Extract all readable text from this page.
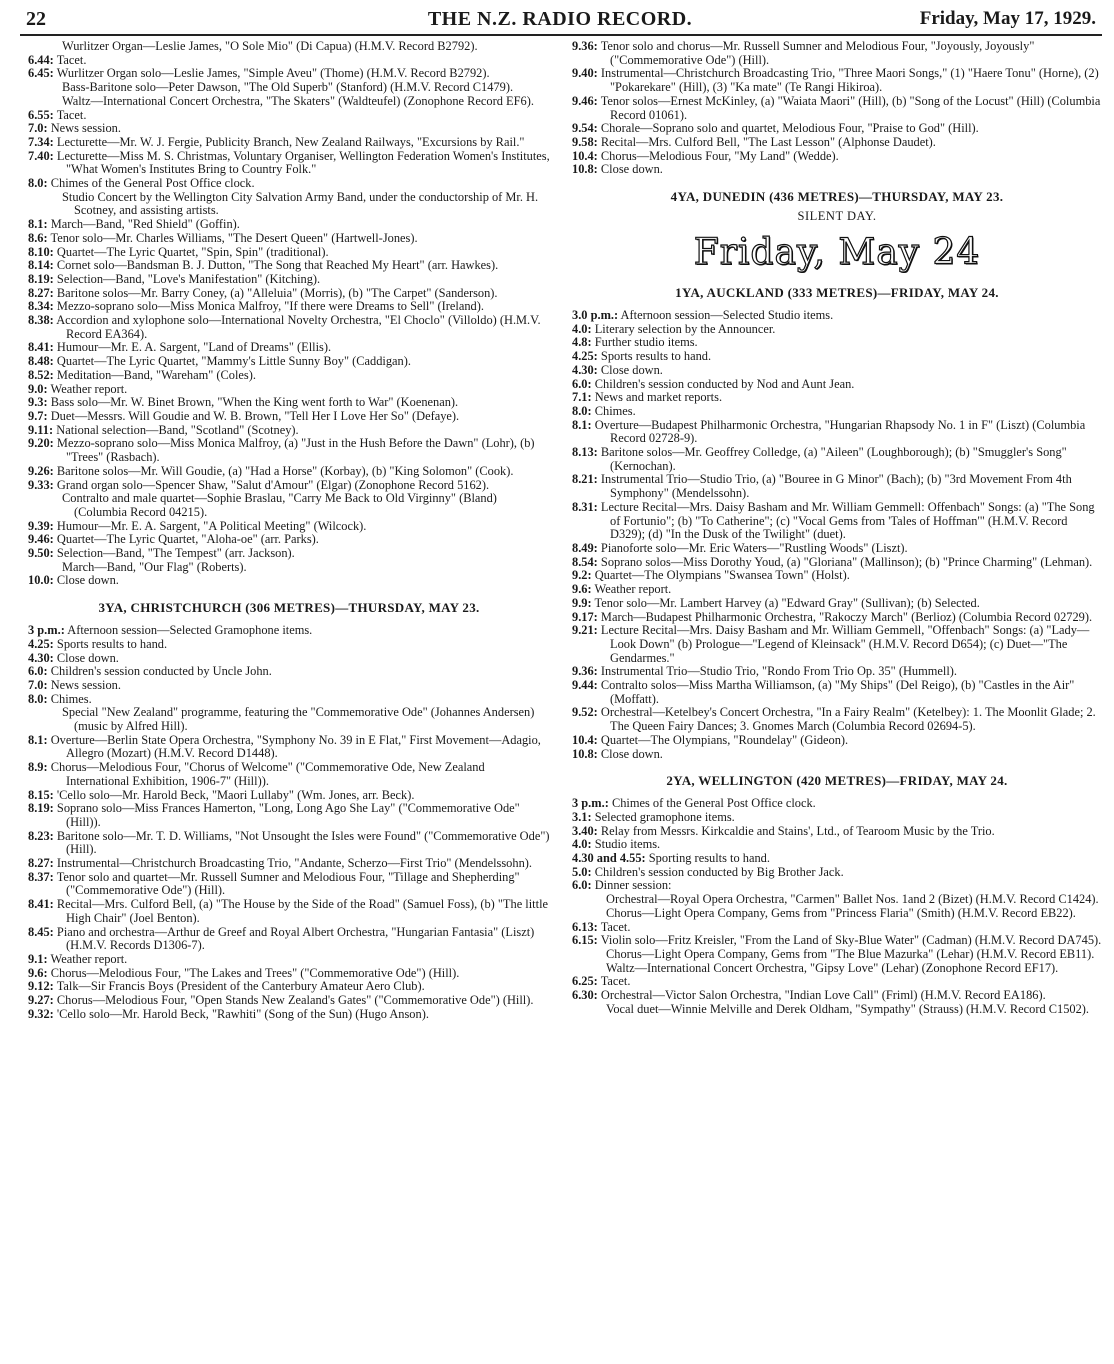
22	THE N.Z. RADIO RECORD.	Friday, May 17, 1929.

Wurlitzer Organ—Leslie James, "O Sole Mio" (Di Capua) (H.M.V. Record B2792).

6.44: Tacet.

6.45: Wurlitzer Organ solo—Leslie James, "Simple Aveu" (Thome) (H.M.V. Record B2792).

Bass-Baritone solo—Peter Dawson, "The Old Superb" (Stanford) (H.M.V. Record C1479).

Waltz—International Concert Orchestra, "The Skaters" (Waldteufel) (Zonophone Record EF6).

6.55: Tacet.

7.0: News session.

7.34: Lecturette—Mr. W. J. Fergie, Publicity Branch, New Zealand Railways, "Excursions by Rail."

7.40: Lecturette—Miss M. S. Christmas, Voluntary Organiser, Wellington Federation Women's Institutes, "What Women's Institutes Bring to Country Folk."

8.0: Chimes of the General Post Office clock.

Studio Concert by the Wellington City Salvation Army Band, under the conductorship of Mr. H. Scotney, and assisting artists.

8.1: March—Band, "Red Shield" (Goffin).

8.6: Tenor solo—Mr. Charles Williams, "The Desert Queen" (Hartwell-Jones).

8.10: Quartet—The Lyric Quartet, "Spin, Spin" (traditional).

8.14: Cornet solo—Bandsman B. J. Dutton, "The Song that Reached My Heart" (arr. Hawkes).

8.19: Selection—Band, "Love's Manifestation" (Kitching).

8.27: Baritone solos—Mr. Barry Coney, (a) "Alleluia" (Morris), (b) "The Carpet" (Sanderson).

8.34: Mezzo-soprano solo—Miss Monica Malfroy, "If there were Dreams to Sell" (Ireland).

8.38: Accordion and xylophone solo—International Novelty Orchestra, "El Choclo" (Villoldo) (H.M.V. Record EA364).

8.41: Humour—Mr. E. A. Sargent, "Land of Dreams" (Ellis).

8.48: Quartet—The Lyric Quartet, "Mammy's Little Sunny Boy" (Caddigan).

8.52: Meditation—Band, "Wareham" (Coles).

9.0: Weather report.

9.3: Bass solo—Mr. W. Binet Brown, "When the King went forth to War" (Koenenan).

9.7: Duet—Messrs. Will Goudie and W. B. Brown, "Tell Her I Love Her So" (Defaye).

9.11: National selection—Band, "Scotland" (Scotney).

9.20: Mezzo-soprano solo—Miss Monica Malfroy, (a) "Just in the Hush Before the Dawn" (Lohr), (b) "Trees" (Rasbach).

9.26: Baritone solos—Mr. Will Goudie, (a) "Had a Horse" (Korbay), (b) "King Solomon" (Cook).

9.33: Grand organ solo—Spencer Shaw, "Salut d'Amour" (Elgar) (Zonophone Record 5162).

Contralto and male quartet—Sophie Braslau, "Carry Me Back to Old Virginny" (Bland) (Columbia Record 04215).

9.39: Humour—Mr. E. A. Sargent, "A Political Meeting" (Wilcock).

9.46: Quartet—The Lyric Quartet, "Aloha-oe" (arr. Parks).

9.50: Selection—Band, "The Tempest" (arr. Jackson).

March—Band, "Our Flag" (Roberts).

10.0: Close down.

3YA, CHRISTCHURCH (306 METRES)—THURSDAY, MAY 23.

3 p.m.: Afternoon session—Selected Gramophone items.

4.25: Sports results to hand.

4.30: Close down.

6.0: Children's session conducted by Uncle John.

7.0: News session.

8.0: Chimes.

Special "New Zealand" programme, featuring the "Commemorative Ode" (Johannes Andersen) (music by Alfred Hill).

8.1: Overture—Berlin State Opera Orchestra, "Symphony No. 39 in E Flat," First Movement—Adagio, Allegro (Mozart) (H.M.V. Record D1448).

8.9: Chorus—Melodious Four, "Chorus of Welcome" ("Commemorative Ode, New Zealand International Exhibition, 1906-7" (Hill)).

8.15: 'Cello solo—Mr. Harold Beck, "Maori Lullaby" (Wm. Jones, arr. Beck).

8.19: Soprano solo—Miss Frances Hamerton, "Long, Long Ago She Lay" ("Commemorative Ode" (Hill)).

8.23: Baritone solo—Mr. T. D. Williams, "Not Unsought the Isles were Found" ("Commemorative Ode") (Hill).

8.27: Instrumental—Christchurch Broadcasting Trio, "Andante, Scherzo—First Trio" (Mendelssohn).

8.37: Tenor solo and quartet—Mr. Russell Sumner and Melodious Four, "Tillage and Shepherding" ("Commemorative Ode") (Hill).

8.41: Recital—Mrs. Culford Bell, (a) "The House by the Side of the Road" (Samuel Foss), (b) "The little High Chair" (Joel Benton).

8.45: Piano and orchestra—Arthur de Greef and Royal Albert Orchestra, "Hungarian Fantasia" (Liszt) (H.M.V. Records D1306-7).

9.1: Weather report.

9.6: Chorus—Melodious Four, "The Lakes and Trees" ("Commemorative Ode") (Hill).

9.12: Talk—Sir Francis Boys (President of the Canterbury Amateur Aero Club).

9.27: Chorus—Melodious Four, "Open Stands New Zealand's Gates" ("Commemorative Ode") (Hill).

9.32: 'Cello solo—Mr. Harold Beck, "Rawhiti" (Song of the Sun) (Hugo Anson).

9.36: Tenor solo and chorus—Mr. Russell Sumner and Melodious Four, "Joyously, Joyously" ("Commemorative Ode") (Hill).

9.40: Instrumental—Christchurch Broadcasting Trio, "Three Maori Songs," (1) "Haere Tonu" (Horne), (2) "Pokarekare" (Hill), (3) "Ka mate" (Te Rangi Hikiroa).

9.46: Tenor solos—Ernest McKinley, (a) "Waiata Maori" (Hill), (b) "Song of the Locust" (Hill) (Columbia Record 01061).

9.54: Chorale—Soprano solo and quartet, Melodious Four, "Praise to God" (Hill).

9.58: Recital—Mrs. Culford Bell, "The Last Lesson" (Alphonse Daudet).

10.4: Chorus—Melodious Four, "My Land" (Wedde).

10.8: Close down.

4YA, DUNEDIN (436 METRES)—THURSDAY, MAY 23.
SILENT DAY.
Friday, May 24
1YA, AUCKLAND (333 METRES)—FRIDAY, MAY 24.

3.0 p.m.: Afternoon session—Selected Studio items.

4.0: Literary selection by the Announcer.

4.8: Further studio items.

4.25: Sports results to hand.

4.30: Close down.

6.0: Children's session conducted by Nod and Aunt Jean.

7.1: News and market reports.

8.0: Chimes.

8.1: Overture—Budapest Philharmonic Orchestra, "Hungarian Rhapsody No. 1 in F" (Liszt) (Columbia Record 02728-9).

8.13: Baritone solos—Mr. Geoffrey Colledge, (a) "Aileen" (Loughborough); (b) "Smuggler's Song" (Kernochan).

8.21: Instrumental Trio—Studio Trio, (a) "Bouree in G Minor" (Bach); (b) "3rd Movement From 4th Symphony" (Mendelssohn).

8.31: Lecture Recital—Mrs. Daisy Basham and Mr. William Gemmell: Offenbach" Songs: (a) "The Song of Fortunio"; (b) "To Catherine"; (c) "Vocal Gems from 'Tales of Hoffman'" (H.M.V. Record D329); (d) "In the Dusk of the Twilight" (duet).

8.49: Pianoforte solo—Mr. Eric Waters—"Rustling Woods" (Liszt).

8.54: Soprano solos—Miss Dorothy Youd, (a) "Gloriana" (Mallinson); (b) "Prince Charming" (Lehman).

9.2: Quartet—The Olympians "Swansea Town" (Holst).

9.6: Weather report.

9.9: Tenor solo—Mr. Lambert Harvey (a) "Edward Gray" (Sullivan); (b) Selected.

9.17: March—Budapest Philharmonic Orchestra, "Rakoczy March" (Berlioz) (Columbia Record 02729).

9.21: Lecture Recital—Mrs. Daisy Basham and Mr. William Gemmell, "Offenbach" Songs: (a) "Lady—Look Down" (b) Prologue—"Legend of Kleinsack" (H.M.V. Record D654); (c) Duet—"The Gendarmes."

9.36: Instrumental Trio—Studio Trio, "Rondo From Trio Op. 35" (Hummell).

9.44: Contralto solos—Miss Martha Williamson, (a) "My Ships" (Del Reigo), (b) "Castles in the Air" (Moffatt).

9.52: Orchestral—Ketelbey's Concert Orchestra, "In a Fairy Realm" (Ketelbey): 1. The Moonlit Glade; 2. The Queen Fairy Dances; 3. Gnomes March (Columbia Record 02694-5).

10.4: Quartet—The Olympians, "Roundelay" (Gideon).

10.8: Close down.

2YA, WELLINGTON (420 METRES)—FRIDAY, MAY 24.

3 p.m.: Chimes of the General Post Office clock.

3.1: Selected gramophone items.

3.40: Relay from Messrs. Kirkcaldie and Stains', Ltd., of Tearoom Music by the Trio.

4.0: Studio items.

4.30 and 4.55: Sporting results to hand.

5.0: Children's session conducted by Big Brother Jack.

6.0: Dinner session:

Orchestral—Royal Opera Orchestra, "Carmen" Ballet Nos. 1and 2 (Bizet) (H.M.V. Record C1424).

Chorus—Light Opera Company, Gems from "Princess Flaria" (Smith) (H.M.V. Record EB22).

6.13: Tacet.

6.15: Violin solo—Fritz Kreisler, "From the Land of Sky-Blue Water" (Cadman) (H.M.V. Record DA745).

Chorus—Light Opera Company, Gems from "The Blue Mazurka" (Lehar) (H.M.V. Record EB11).

Waltz—International Concert Orchestra, "Gipsy Love" (Lehar) (Zonophone Record EF17).

6.25: Tacet.

6.30: Orchestral—Victor Salon Orchestra, "Indian Love Call" (Friml) (H.M.V. Record EA186).

Vocal duet—Winnie Melville and Derek Oldham, "Sympathy" (Strauss) (H.M.V. Record C1502).
